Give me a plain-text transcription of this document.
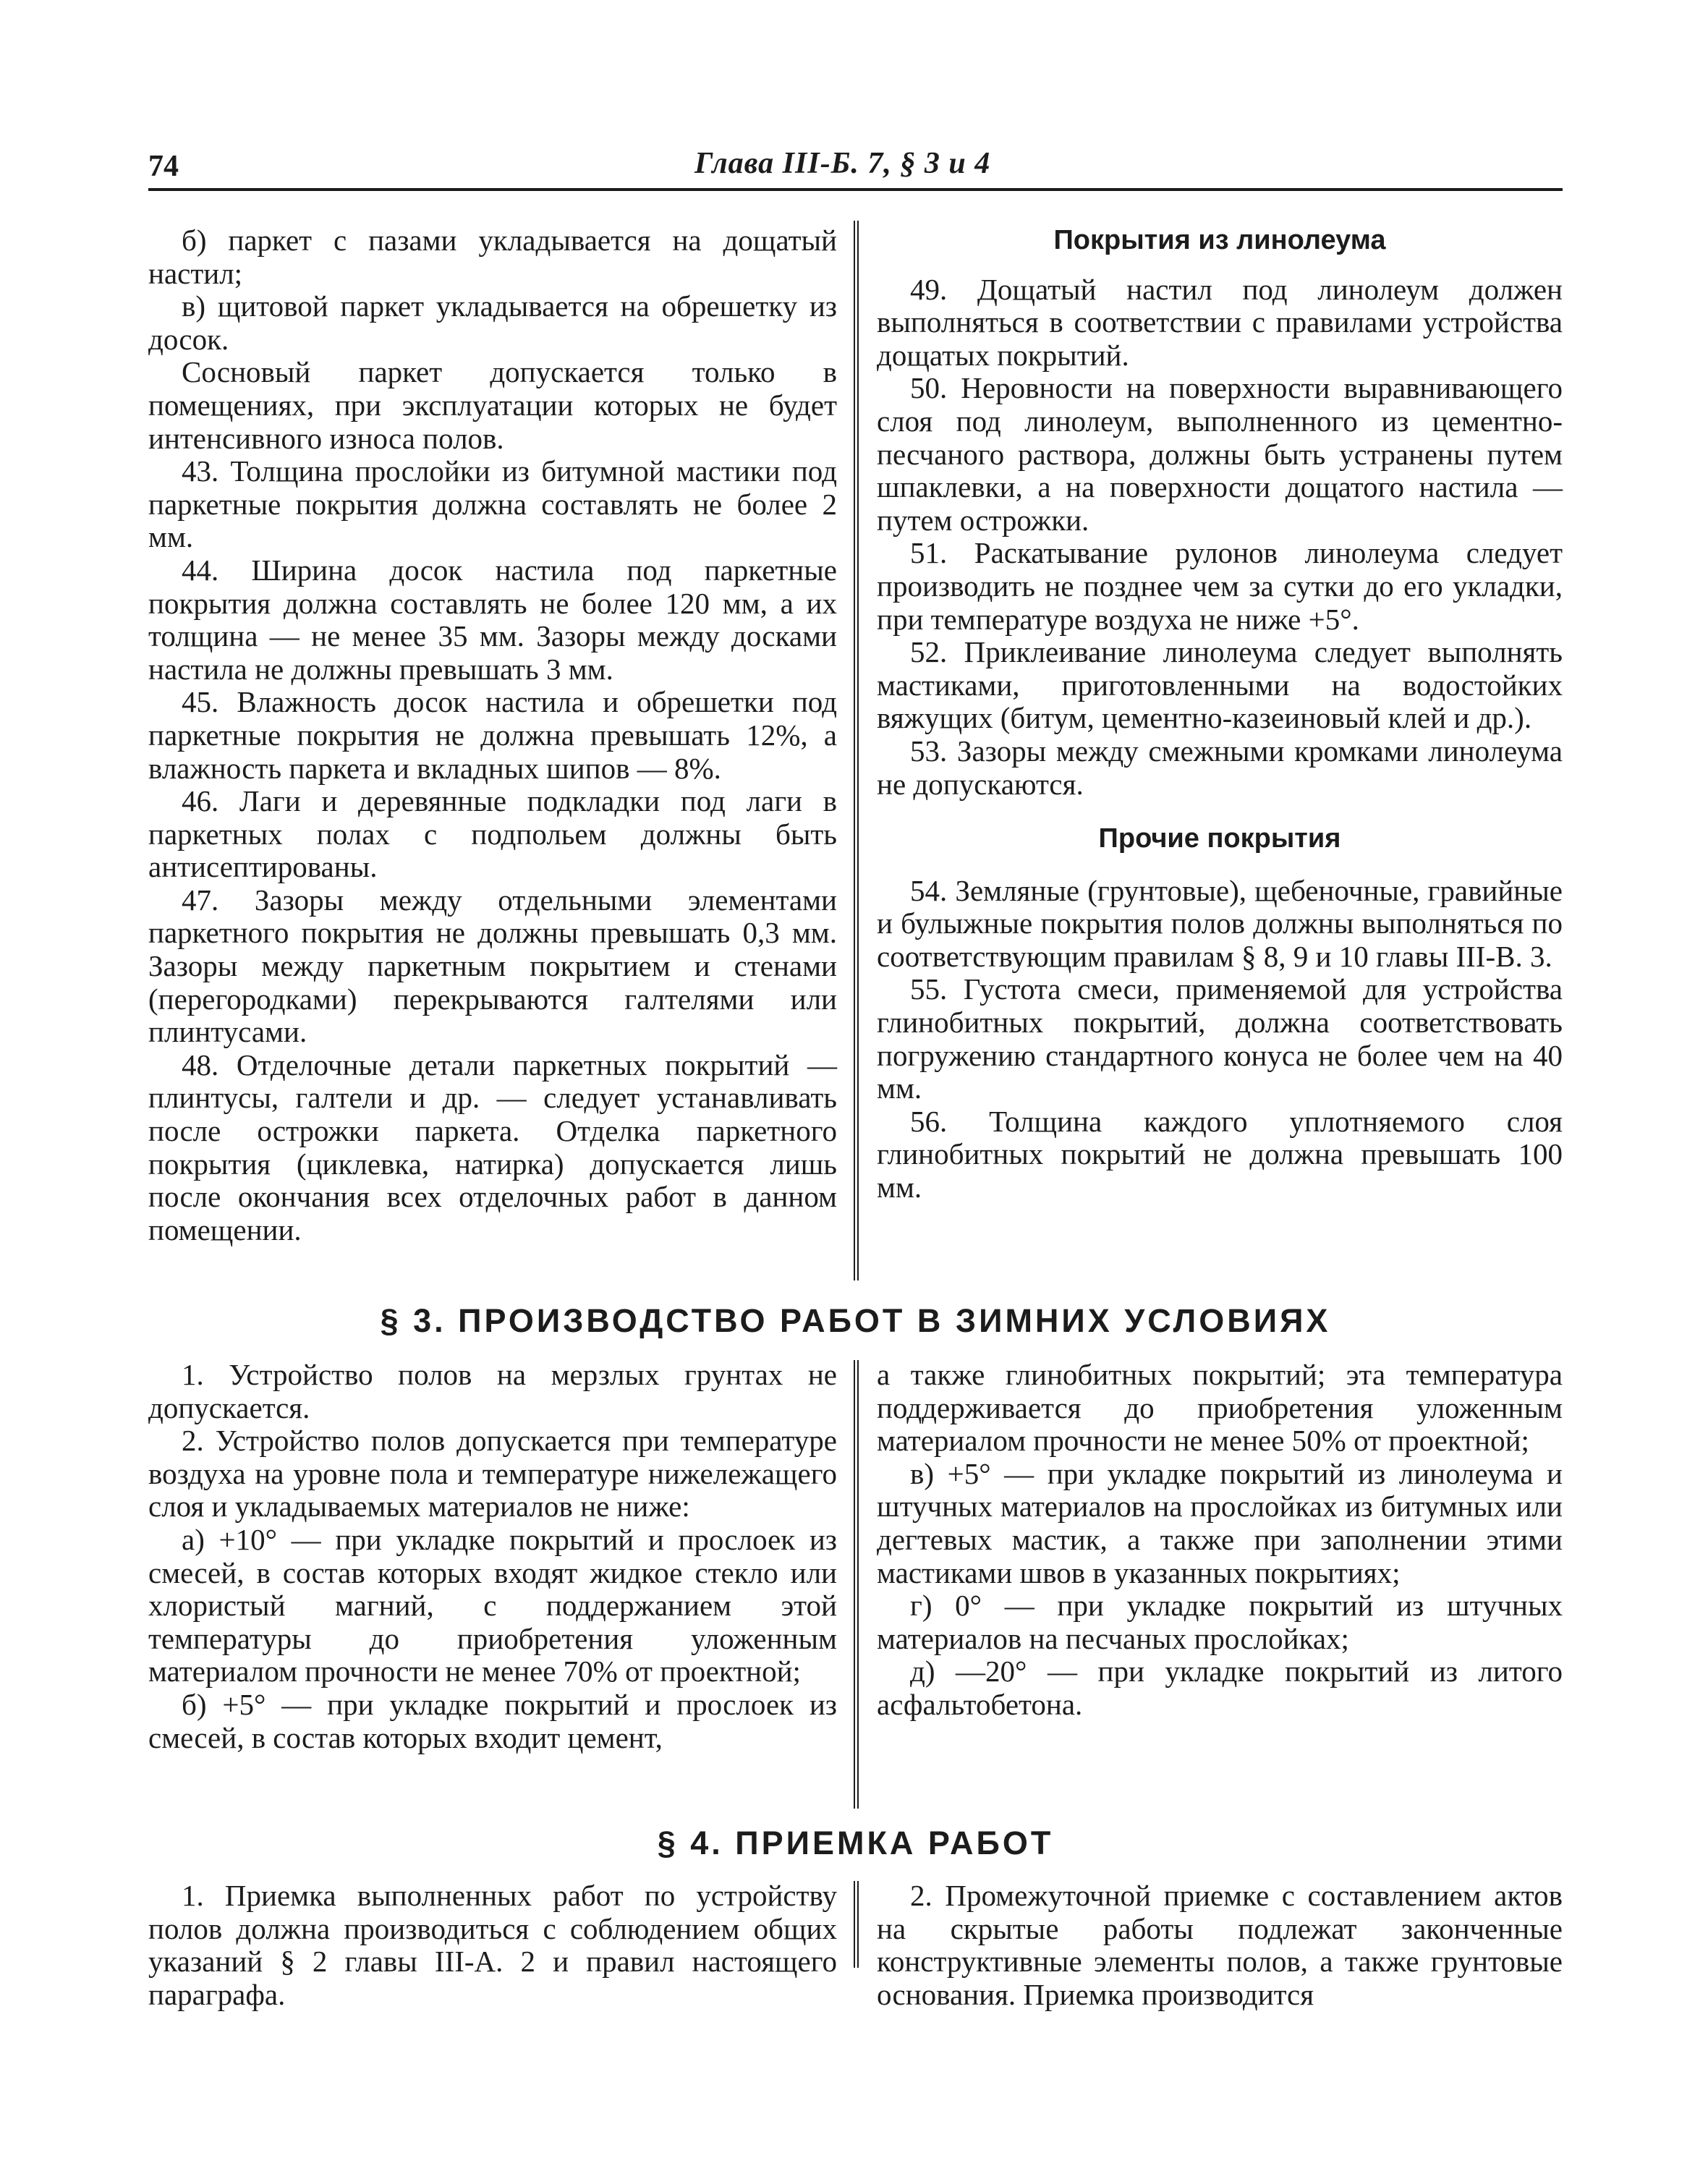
74	Глава III-Б. 7, § 3 и 4

б) паркет с пазами укладывается на дощатый настил;

в) щитовой паркет укладывается на обрешетку из досок.

Сосновый паркет допускается только в помещениях, при эксплуатации которых не будет интенсивного износа полов.

43. Толщина прослойки из битумной мастики под паркетные покрытия должна составлять не более 2 мм.

44. Ширина досок настила под паркетные покрытия должна составлять не более 120 мм, а их толщина — не менее 35 мм. Зазоры между досками настила не должны превышать 3 мм.

45. Влажность досок настила и обрешетки под паркетные покрытия не должна превышать 12%, а влажность паркета и вкладных шипов — 8%.

46. Лаги и деревянные подкладки под лаги в паркетных полах с подпольем должны быть антисептированы.

47. Зазоры между отдельными элементами паркетного покрытия не должны превышать 0,3 мм. Зазоры между паркетным покрытием и стенами (перегородками) перекрываются галтелями или плинтусами.

48. Отделочные детали паркетных покрытий — плинтусы, галтели и др. — следует устанавливать после острожки паркета. Отделка паркетного покрытия (циклевка, натирка) допускается лишь после окончания всех отделочных работ в данном помещении.

Покрытия из линолеума

49. Дощатый настил под линолеум должен выполняться в соответствии с правилами устройства дощатых покрытий.

50. Неровности на поверхности выравнивающего слоя под линолеум, выполненного из цементно-песчаного раствора, должны быть устранены путем шпаклевки, а на поверхности дощатого настила — путем острожки.

51. Раскатывание рулонов линолеума следует производить не позднее чем за сутки до его укладки, при температуре воздуха не ниже +5°.

52. Приклеивание линолеума следует выполнять мастиками, приготовленными на водостойких вяжущих (битум, цементно-казеиновый клей и др.).

53. Зазоры между смежными кромками линолеума не допускаются.

Прочие покрытия

54. Земляные (грунтовые), щебеночные, гравийные и булыжные покрытия полов должны выполняться по соответствующим правилам § 8, 9 и 10 главы III-В. 3.

55. Густота смеси, применяемой для устройства глинобитных покрытий, должна соответствовать погружению стандартного конуса не более чем на 40 мм.

56. Толщина каждого уплотняемого слоя глинобитных покрытий не должна превышать 100 мм.

§ 3. ПРОИЗВОДСТВО РАБОТ В ЗИМНИХ УСЛОВИЯХ

1. Устройство полов на мерзлых грунтах не допускается.

2. Устройство полов допускается при температуре воздуха на уровне пола и температуре нижележащего слоя и укладываемых материалов не ниже:

а) +10° — при укладке покрытий и прослоек из смесей, в состав которых входят жидкое стекло или хлористый магний, с поддержанием этой температуры до приобретения уложенным материалом прочности не менее 70% от проектной;

б) +5° — при укладке покрытий и прослоек из смесей, в состав которых входит цемент,

а также глинобитных покрытий; эта температура поддерживается до приобретения уложенным материалом прочности не менее 50% от проектной;

в) +5° — при укладке покрытий из линолеума и штучных материалов на прослойках из битумных или дегтевых мастик, а также при заполнении этими мастиками швов в указанных покрытиях;

г) 0° — при укладке покрытий из штучных материалов на песчаных прослойках;

д) —20° — при укладке покрытий из литого асфальтобетона.

§ 4. ПРИЕМКА РАБОТ

1. Приемка выполненных работ по устройству полов должна производиться с соблюдением общих указаний § 2 главы III-А. 2 и правил настоящего параграфа.

2. Промежуточной приемке с составлением актов на скрытые работы подлежат законченные конструктивные элементы полов, а также грунтовые основания. Приемка производится
